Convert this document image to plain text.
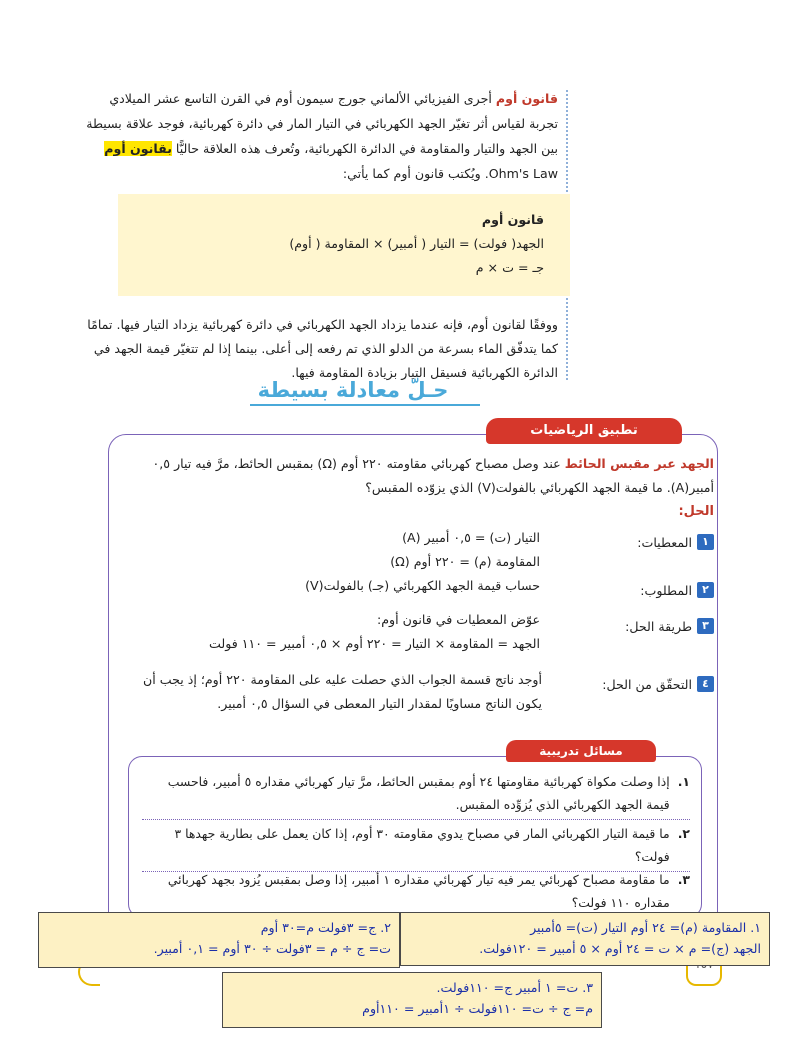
قانون أوم أجرى الفيزيائي الألماني جورج سيمون أوم في القرن التاسع عشر الميلادي تجربة لقياس أثر تغيّر الجهد الكهربائي في التيار المار في دائرة كهربائية، فوجد علاقة بسيطة بين الجهد والتيار والمقاومة في الدائرة الكهربائية، وتُعرف هذه العلاقة حاليًّا بقانون أوم Ohm's Law. ويُكتب قانون أوم كما يأتي:
قانون أوم
الجهد( فولت) = التيار ( أمبير) × المقاومة ( أوم)
جـ = ت × م
ووفقًا لقانون أوم، فإنه عندما يزداد الجهد الكهربائي في دائرة كهربائية يزداد التيار فيها. تمامًا كما يتدفّق الماء بسرعة من الدلو الذي تم رفعه إلى أعلى. بينما إذا لم تتغيّر قيمة الجهد في الدائرة الكهربائية فسيقل التيار بزيادة المقاومة فيها.
حـلّ معادلة بسيطة
تطبيق الرياضيات
الجهد عبر مقبس الحائط عند وصل مصباح كهربائي مقاومته ٢٢٠ أوم (Ω) بمقبس الحائط، مرَّ فيه تيار ٠,٥ أمبير(A). ما قيمة الجهد الكهربائي بالفولت(V) الذي يزوّده المقبس؟
الحل:
١
المعطيات:
التيار (ت) = ٠,٥ أمبير (A)
المقاومة (م) = ٢٢٠ أوم (Ω)
٢
المطلوب:
حساب قيمة الجهد الكهربائي (جـ) بالفولت(V)
٣
طريقة الحل:
عوّض المعطيات في قانون أوم:
الجهد = المقاومة × التيار = ٢٢٠ أوم × ٠,٥ أمبير = ١١٠ فولت
٤
التحقّق من الحل:
أوجد ناتج قسمة الجواب الذي حصلت عليه على المقاومة ٢٢٠ أوم؛ إذ يجب أن يكون الناتج مساويًا لمقدار التيار المعطى في السؤال ٠,٥ أمبير.
مسائل تدريبية
١.
إذا وصلت مكواة كهربائية مقاومتها ٢٤ أوم بمقبس الحائط، مرَّ تيار كهربائي مقداره ٥ أمبير، فاحسب قيمة الجهد الكهربائي الذي يُزوِّده المقبس.
٢.
ما قيمة التيار الكهربائي المار في مصباح يدوي مقاومته ٣٠ أوم، إذا كان يعمل على بطارية جهدها ٣ فولت؟
٣.
ما مقاومة مصباح كهربائي يمر فيه تيار كهربائي مقداره ١ أمبير، إذا وصل بمقبس يُزود بجهد كهربائي مقداره ١١٠ فولت؟
١. المقاومة (م)= ٢٤ أوم التيار (ت)= ٥أمبير
الجهد (ج)= م × ت = ٢٤ أوم × ٥ أمبير = ١٢٠فولت.
٢. ج= ٣فولت م=٣٠ أوم
ت= ج ÷ م = ٣فولت ÷ ٣٠ أوم = ٠,١ أمبير.
٣. ت= ١ أمبير ج= ١١٠فولت.
م= ج ÷ ت= ١١٠فولت ÷ ١أمبير = ١١٠أوم
